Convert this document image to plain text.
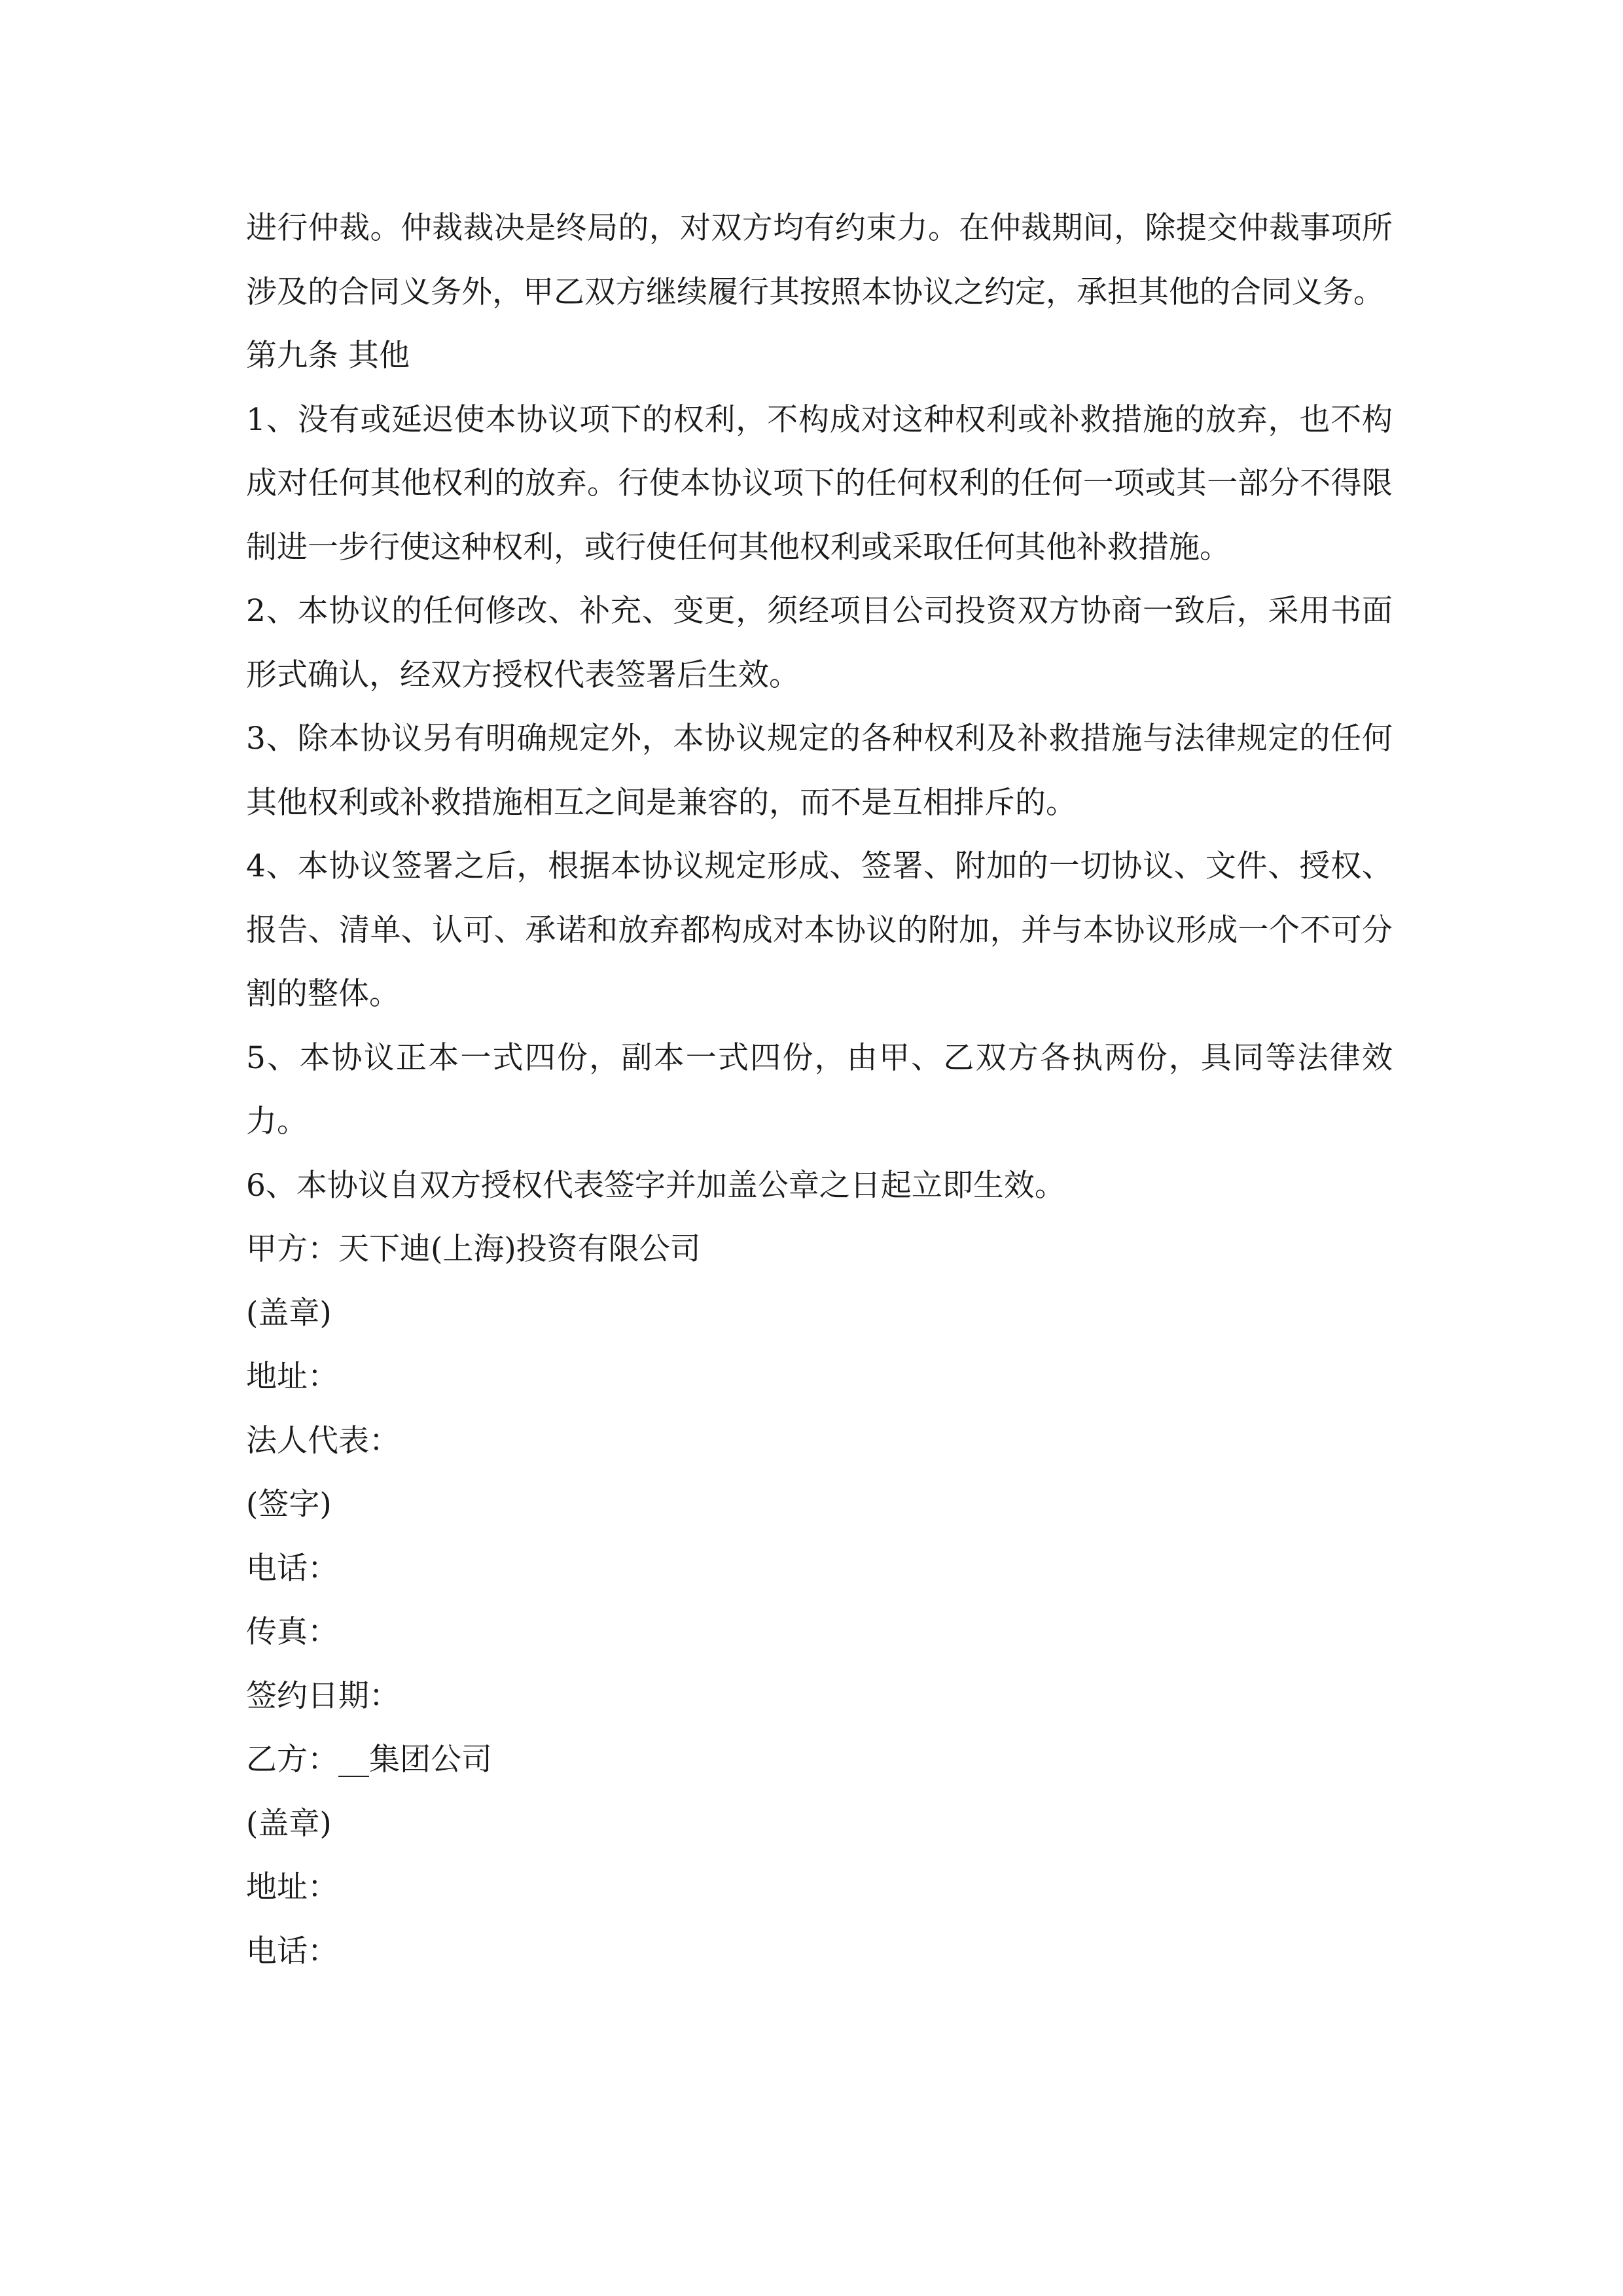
进行仲裁。仲裁裁决是终局的，对双方均有约束力。在仲裁期间，除提交仲裁事项所涉及的合同义务外，甲乙双方继续履行其按照本协议之约定，承担其他的合同义务。

第九条 其他

1、没有或延迟使本协议项下的权利，不构成对这种权利或补救措施的放弃，也不构成对任何其他权利的放弃。行使本协议项下的任何权利的任何一项或其一部分不得限制进一步行使这种权利，或行使任何其他权利或采取任何其他补救措施。

2、本协议的任何修改、补充、变更，须经项目公司投资双方协商一致后，采用书面形式确认，经双方授权代表签署后生效。

3、除本协议另有明确规定外，本协议规定的各种权利及补救措施与法律规定的任何其他权利或补救措施相互之间是兼容的，而不是互相排斥的。

4、本协议签署之后，根据本协议规定形成、签署、附加的一切协议、文件、授权、报告、清单、认可、承诺和放弃都构成对本协议的附加，并与本协议形成一个不可分割的整体。

5、本协议正本一式四份，副本一式四份，由甲、乙双方各执两份，具同等法律效力。

6、本协议自双方授权代表签字并加盖公章之日起立即生效。

甲方：天下迪(上海)投资有限公司

(盖章)

地址：

法人代表：

(签字)

电话：

传真：

签约日期：

乙方：__集团公司

(盖章)

地址：

电话：
